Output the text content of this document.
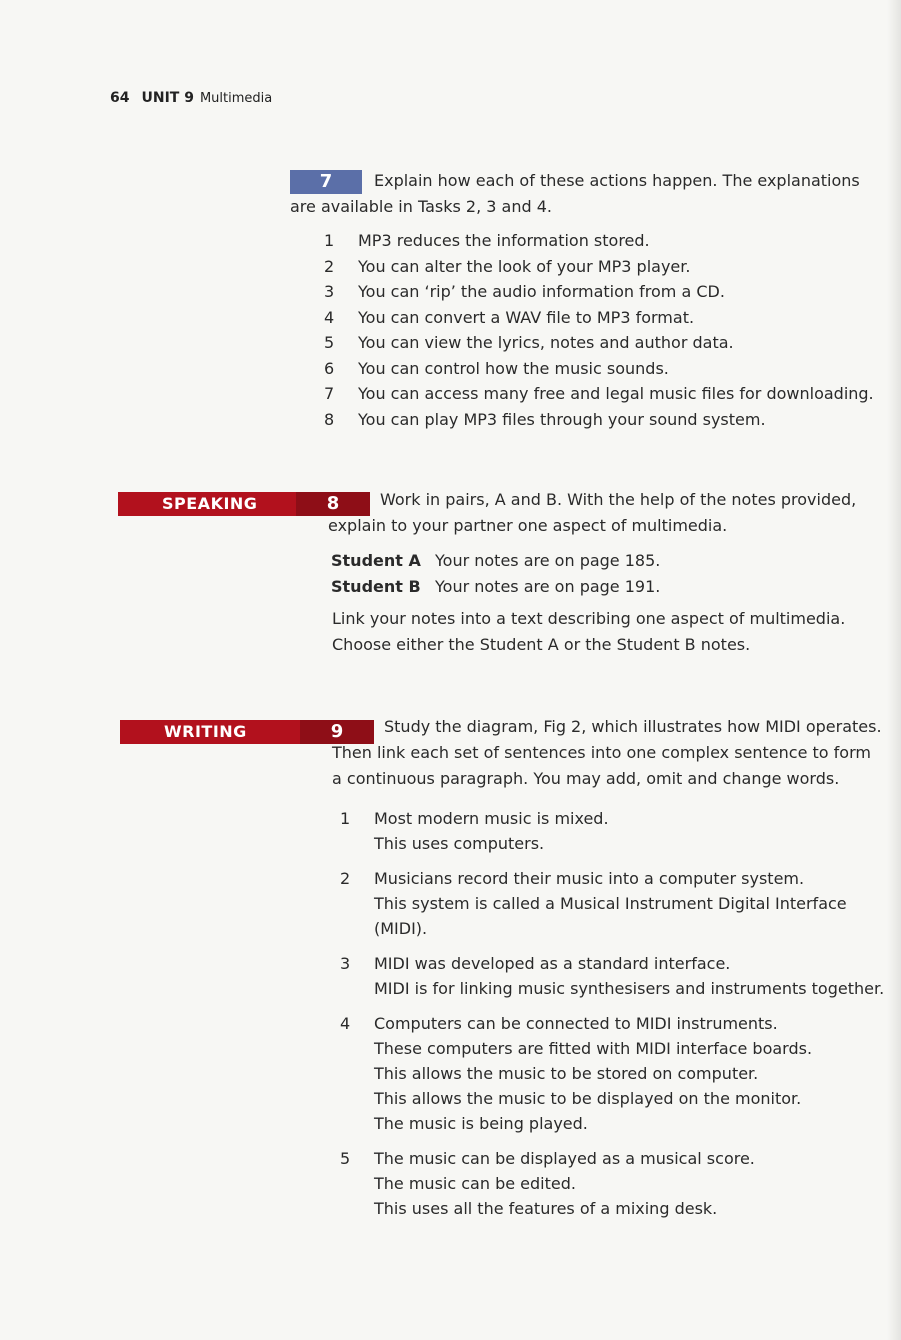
64 UNIT 9 Multimedia
7	Explain how each of these actions happen. The explanations are available in Tasks 2, 3 and 4.
1 MP3 reduces the information stored.
2 You can alter the look of your MP3 player.
3 You can ‘rip’ the audio information from a CD.
4 You can convert a WAV file to MP3 format.
5 You can view the lyrics, notes and author data.
6 You can control how the music sounds.
7 You can access many free and legal music files for downloading.
8 You can play MP3 files through your sound system.
SPEAKING	8	Work in pairs, A and B. With the help of the notes provided, explain to your partner one aspect of multimedia.
Student A Your notes are on page 185.
Student B Your notes are on page 191.
Link your notes into a text describing one aspect of multimedia. Choose either the Student A or the Student B notes.
WRITING	9	Study the diagram, Fig 2, which illustrates how MIDI operates. Then link each set of sentences into one complex sentence to form a continuous paragraph. You may add, omit and change words.
1 Most modern music is mixed.
This uses computers.
2 Musicians record their music into a computer system.
This system is called a Musical Instrument Digital Interface (MIDI).
3 MIDI was developed as a standard interface.
MIDI is for linking music synthesisers and instruments together.
4 Computers can be connected to MIDI instruments.
These computers are fitted with MIDI interface boards.
This allows the music to be stored on computer.
This allows the music to be displayed on the monitor.
The music is being played.
5 The music can be displayed as a musical score.
The music can be edited.
This uses all the features of a mixing desk.
